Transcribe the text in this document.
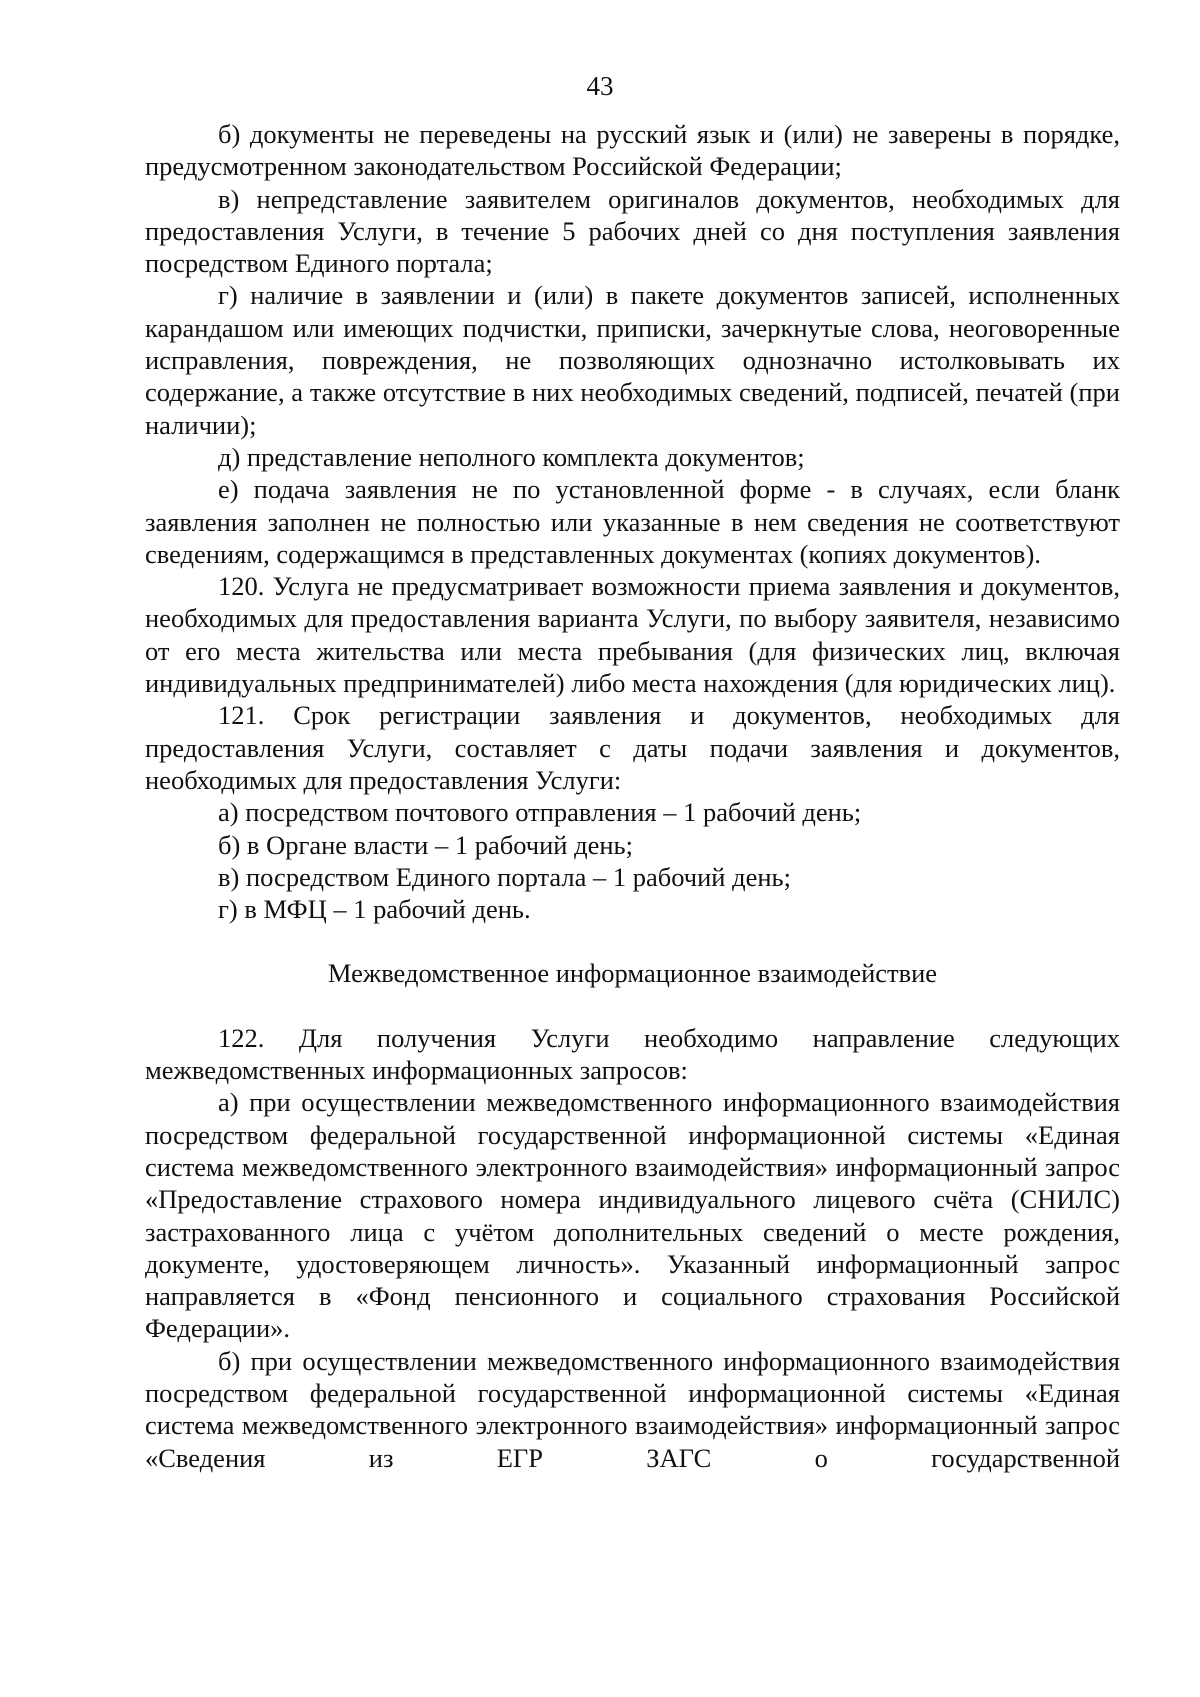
43

б) документы не переведены на русский язык и (или) не заверены в порядке, предусмотренном законодательством Российской Федерации;

в) непредставление заявителем оригиналов документов, необходимых для предоставления Услуги, в течение 5 рабочих дней со дня поступления заявления посредством Единого портала;

г) наличие в заявлении и (или) в пакете документов записей, исполненных карандашом или имеющих подчистки, приписки, зачеркнутые слова, неоговоренные исправления, повреждения, не позволяющих однозначно истолковывать их содержание, а также отсутствие в них необходимых сведений, подписей, печатей (при наличии);

д) представление неполного комплекта документов;

е) подача заявления не по установленной форме - в случаях, если бланк заявления заполнен не полностью или указанные в нем сведения не соответствуют сведениям, содержащимся в представленных документах (копиях документов).

120. Услуга не предусматривает возможности приема заявления и документов, необходимых для предоставления варианта Услуги, по выбору заявителя, независимо от его места жительства или места пребывания (для физических лиц, включая индивидуальных предпринимателей) либо места нахождения (для юридических лиц).

121. Срок регистрации заявления и документов, необходимых для предоставления Услуги, составляет с даты подачи заявления и документов, необходимых для предоставления Услуги:

а) посредством почтового отправления – 1 рабочий день;

б) в Органе власти – 1 рабочий день;

в) посредством Единого портала – 1 рабочий день;

г) в МФЦ – 1 рабочий день.

Межведомственное информационное взаимодействие

122. Для получения Услуги необходимо направление следующих межведомственных информационных запросов:

а) при осуществлении межведомственного информационного взаимодействия посредством федеральной государственной информационной системы «Единая система межведомственного электронного взаимодействия» информационный запрос «Предоставление страхового номера индивидуального лицевого счёта (СНИЛС) застрахованного лица с учётом дополнительных сведений о месте рождения, документе, удостоверяющем личность». Указанный информационный запрос направляется в «Фонд пенсионного и социального страхования Российской Федерации».

б) при осуществлении межведомственного информационного взаимодействия посредством федеральной государственной информационной системы «Единая система межведомственного электронного взаимодействия» информационный запрос «Сведения из ЕГР ЗАГС о государственной
